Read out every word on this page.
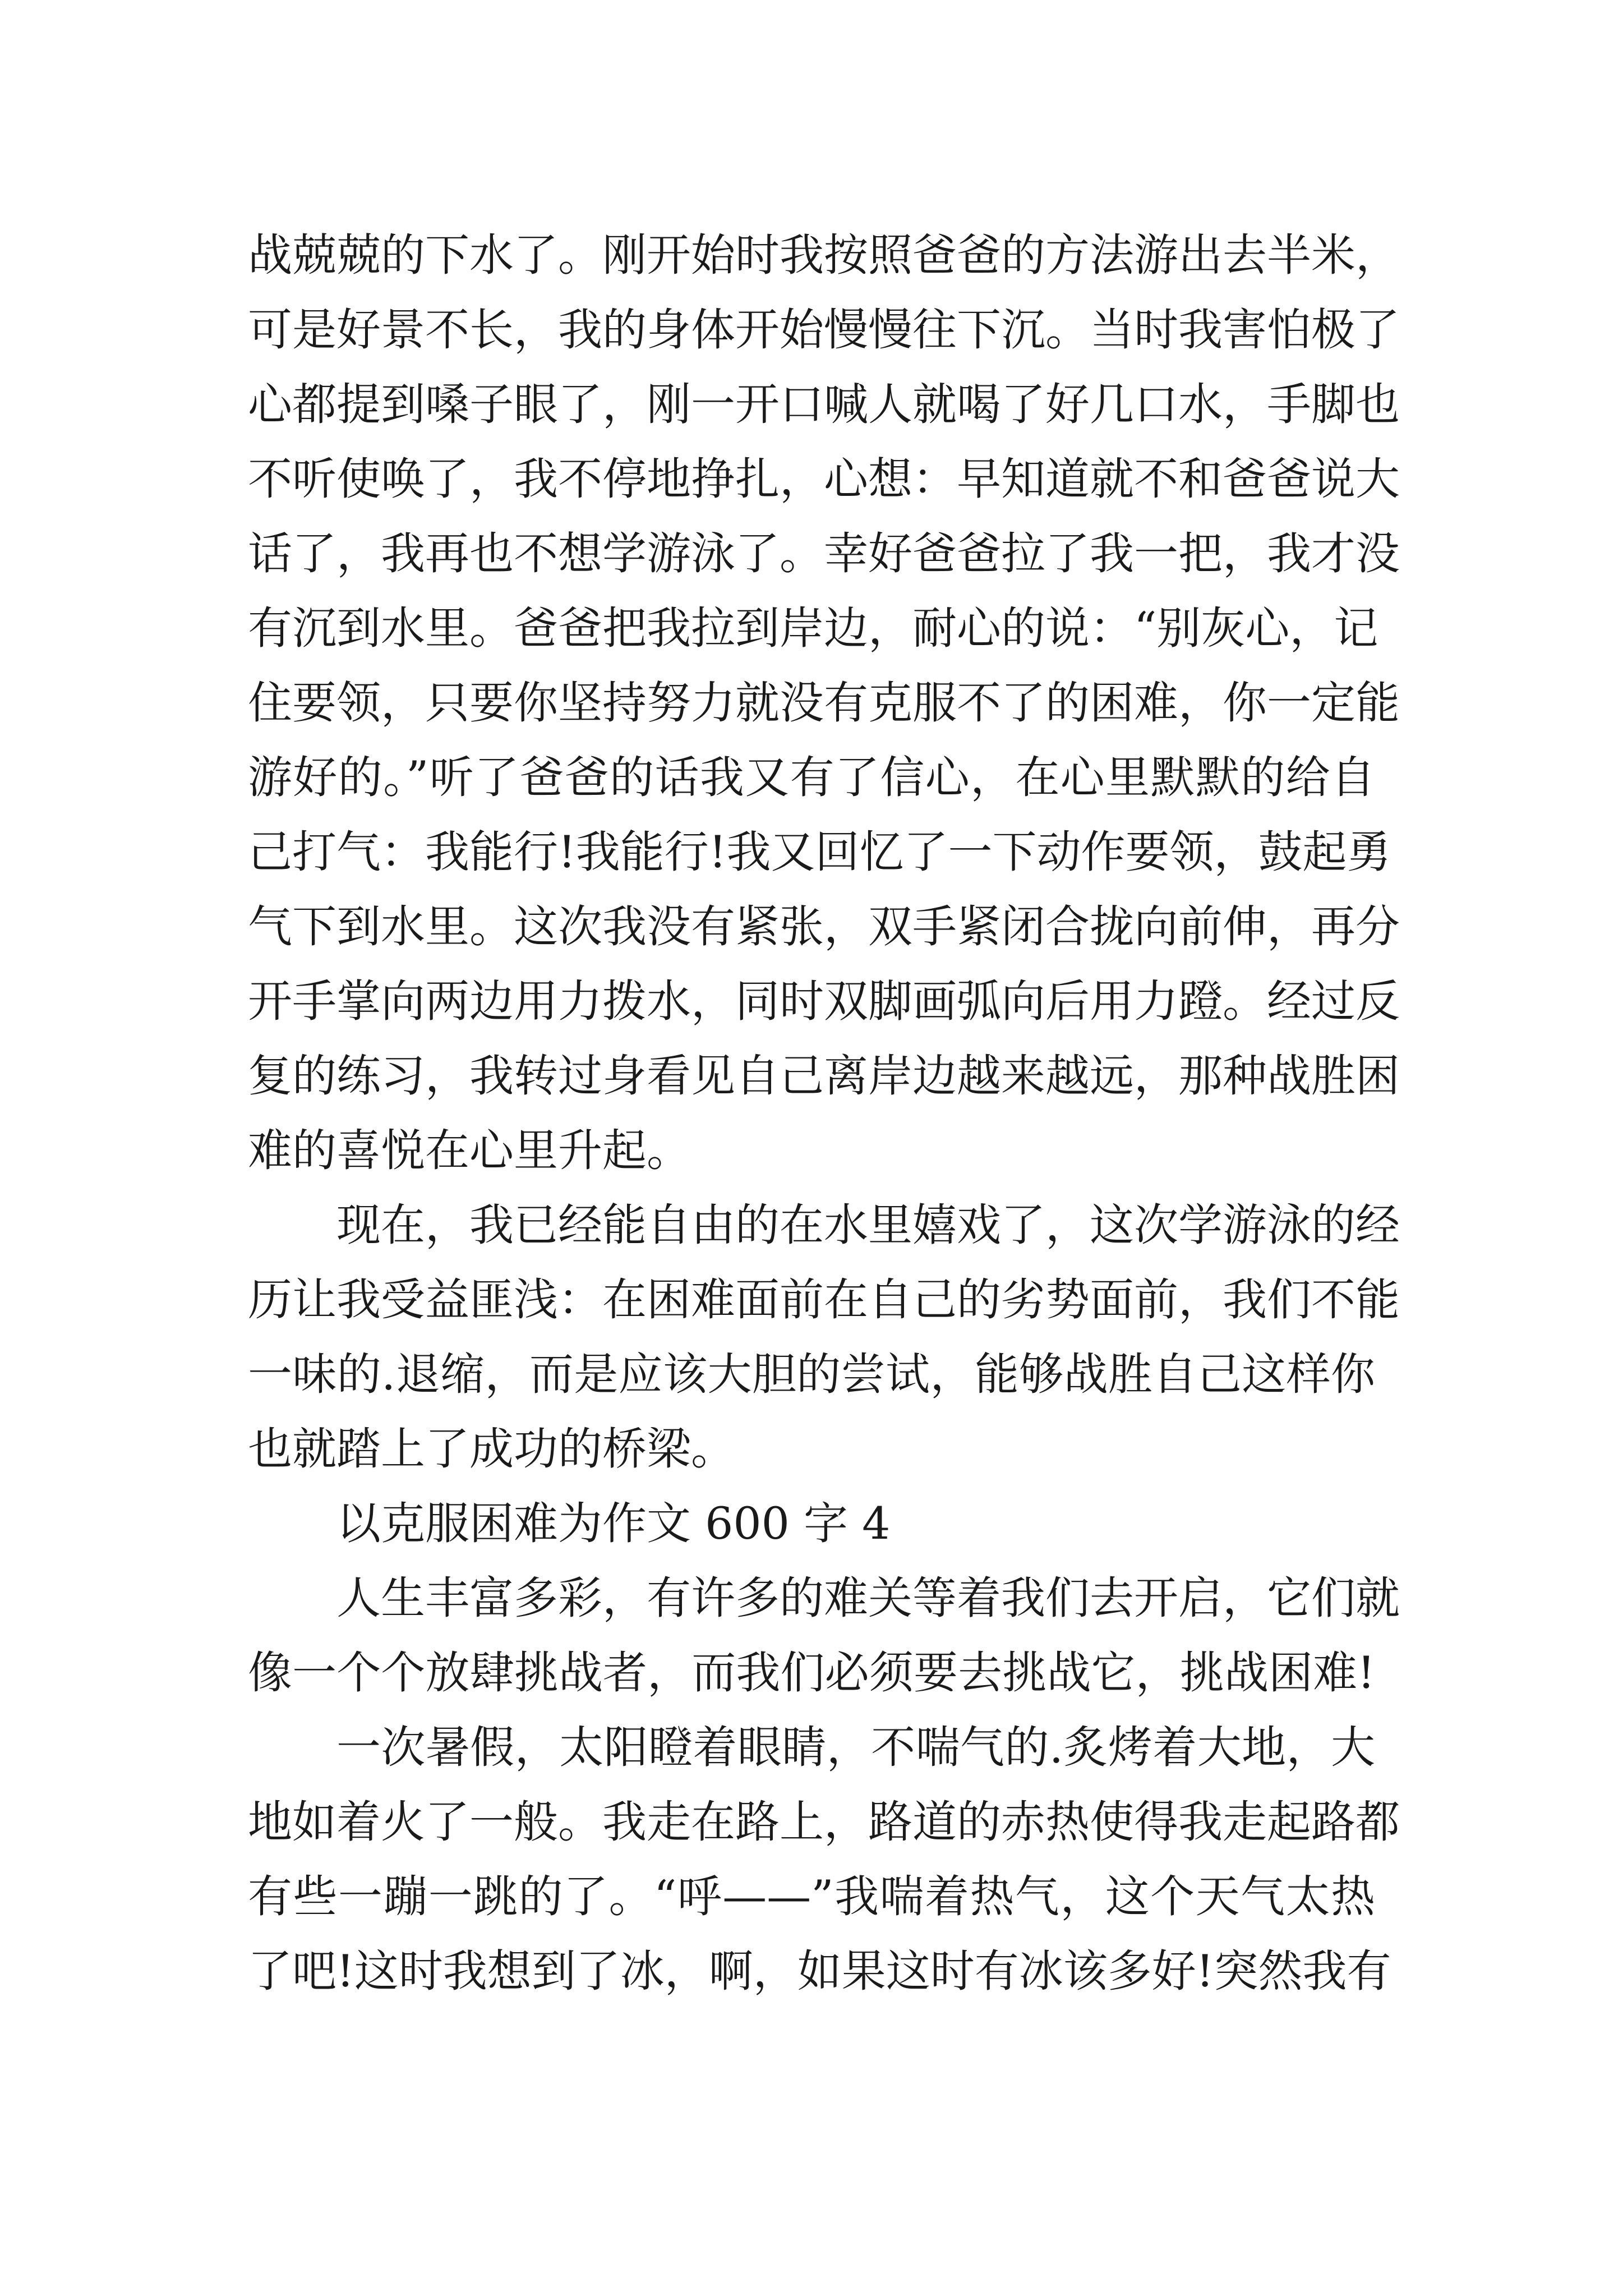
战兢兢的下水了。刚开始时我按照爸爸的方法游出去半米，
可是好景不长，我的身体开始慢慢往下沉。当时我害怕极了
心都提到嗓子眼了，刚一开口喊人就喝了好几口水，手脚也
不听使唤了，我不停地挣扎，心想：早知道就不和爸爸说大
话了，我再也不想学游泳了。幸好爸爸拉了我一把，我才没
有沉到水里。爸爸把我拉到岸边，耐心的说：“别灰心，记
住要领，只要你坚持努力就没有克服不了的困难，你一定能
游好的。”听了爸爸的话我又有了信心，在心里默默的给自
己打气：我能行!我能行!我又回忆了一下动作要领，鼓起勇
气下到水里。这次我没有紧张，双手紧闭合拢向前伸，再分
开手掌向两边用力拨水，同时双脚画弧向后用力蹬。经过反
复的练习，我转过身看见自己离岸边越来越远，那种战胜困
难的喜悦在心里升起。
现在，我已经能自由的在水里嬉戏了，这次学游泳的经
历让我受益匪浅：在困难面前在自己的劣势面前，我们不能
一味的.退缩，而是应该大胆的尝试，能够战胜自己这样你
也就踏上了成功的桥梁。
以克服困难为作文 600 字 4
人生丰富多彩，有许多的难关等着我们去开启，它们就
像一个个放肆挑战者，而我们必须要去挑战它，挑战困难!
一次暑假，太阳瞪着眼睛，不喘气的.炙烤着大地，大
地如着火了一般。我走在路上，路道的赤热使得我走起路都
有些一蹦一跳的了。“呼——”我喘着热气，这个天气太热
了吧!这时我想到了冰，啊，如果这时有冰该多好!突然我有
